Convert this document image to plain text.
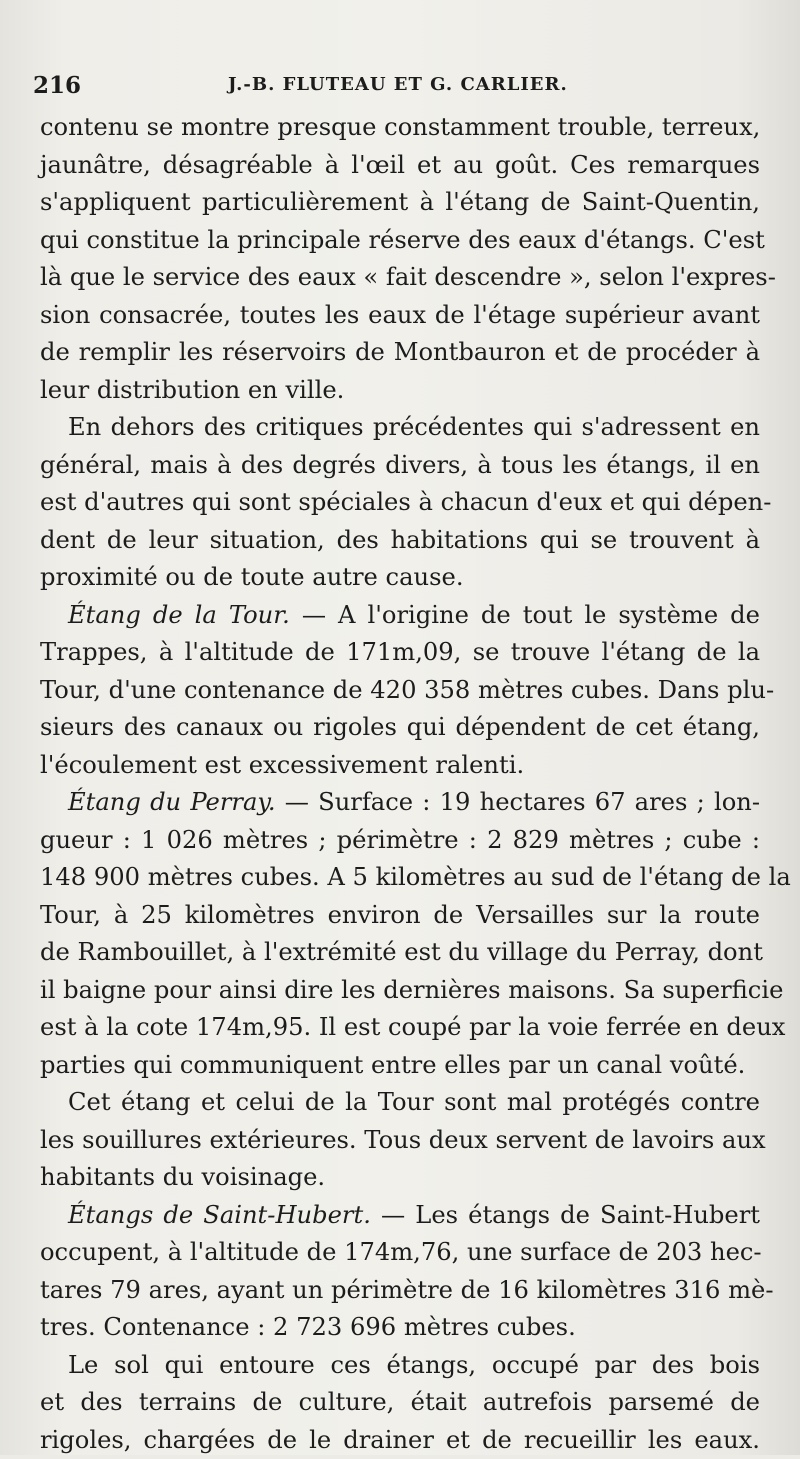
216	J.-B. FLUTEAU ET G. CARLIER.
contenu se montre presque constamment trouble, terreux,
jaunâtre, désagréable à l'œil et au goût. Ces remarques
s'appliquent particulièrement à l'étang de Saint-Quentin,
qui constitue la principale réserve des eaux d'étangs. C'est
là que le service des eaux « fait descendre », selon l'expres-
sion consacrée, toutes les eaux de l'étage supérieur avant
de remplir les réservoirs de Montbauron et de procéder à
leur distribution en ville.
En dehors des critiques précédentes qui s'adressent en
général, mais à des degrés divers, à tous les étangs, il en
est d'autres qui sont spéciales à chacun d'eux et qui dépen-
dent de leur situation, des habitations qui se trouvent à
proximité ou de toute autre cause.
Étang de la Tour. — A l'origine de tout le système de
Trappes, à l'altitude de 171m,09, se trouve l'étang de la
Tour, d'une contenance de 420 358 mètres cubes. Dans plu-
sieurs des canaux ou rigoles qui dépendent de cet étang,
l'écoulement est excessivement ralenti.
Étang du Perray. — Surface : 19 hectares 67 ares ; lon-
gueur : 1 026 mètres ; périmètre : 2 829 mètres ; cube :
148 900 mètres cubes. A 5 kilomètres au sud de l'étang de la
Tour, à 25 kilomètres environ de Versailles sur la route
de Rambouillet, à l'extrémité est du village du Perray, dont
il baigne pour ainsi dire les dernières maisons. Sa superficie
est à la cote 174m,95. Il est coupé par la voie ferrée en deux
parties qui communiquent entre elles par un canal voûté.
Cet étang et celui de la Tour sont mal protégés contre
les souillures extérieures. Tous deux servent de lavoirs aux
habitants du voisinage.
Étangs de Saint-Hubert. — Les étangs de Saint-Hubert
occupent, à l'altitude de 174m,76, une surface de 203 hec-
tares 79 ares, ayant un périmètre de 16 kilomètres 316 mè-
tres. Contenance : 2 723 696 mètres cubes.
Le sol qui entoure ces étangs, occupé par des bois
et des terrains de culture, était autrefois parsemé de
rigoles, chargées de le drainer et de recueillir les eaux.
